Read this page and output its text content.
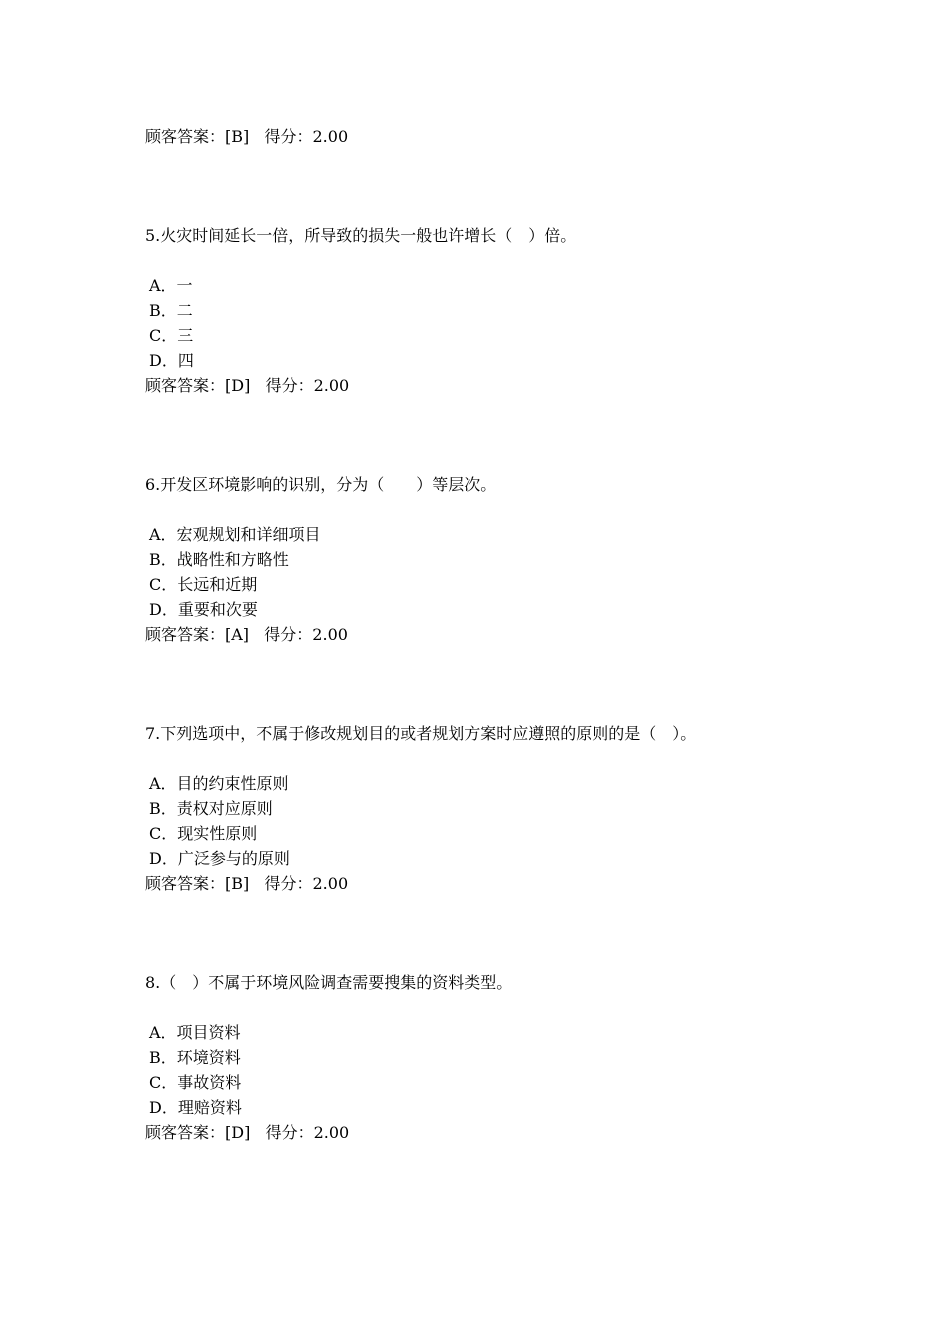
顾客答案：[B]   得分：2.00
5.火灾时间延长一倍，所导致的损失一般也许增长（　）倍。
A．一
B．二
C．三
D．四
顾客答案：[D]   得分：2.00
6.开发区环境影响的识别，分为（　　）等层次。
A．宏观规划和详细项目
B．战略性和方略性
C．长远和近期
D．重要和次要
顾客答案：[A]   得分：2.00
7.下列选项中，不属于修改规划目的或者规划方案时应遵照的原则的是（　）。
A．目的约束性原则
B．责权对应原则
C．现实性原则
D．广泛参与的原则
顾客答案：[B]   得分：2.00
8.（　）不属于环境风险调查需要搜集的资料类型。
A．项目资料
B．环境资料
C．事故资料
D．理赔资料
顾客答案：[D]   得分：2.00
